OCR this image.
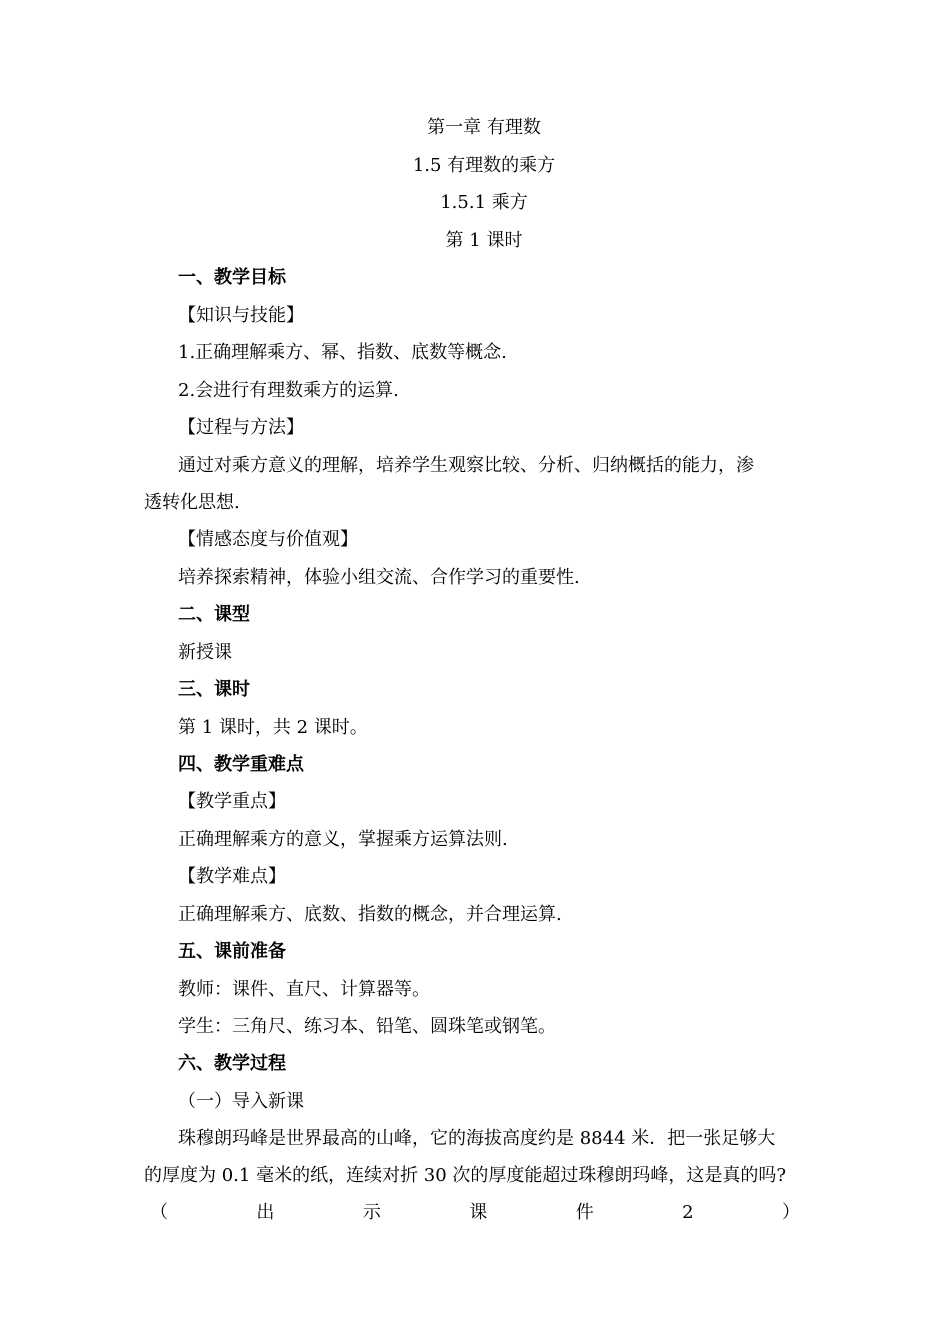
第一章 有理数
1.5 有理数的乘方
1.5.1 乘方
第 1 课时
一、教学目标
【知识与技能】
1.正确理解乘方、幂、指数、底数等概念.
2.会进行有理数乘方的运算.
【过程与方法】
通过对乘方意义的理解，培养学生观察比较、分析、归纳概括的能力，渗
透转化思想.
【情感态度与价值观】
培养探索精神，体验小组交流、合作学习的重要性.
二、课型
新授课
三、课时
第 1 课时，共 2 课时。
四、教学重难点
【教学重点】
正确理解乘方的意义，掌握乘方运算法则.
【教学难点】
正确理解乘方、底数、指数的概念，并合理运算.
五、课前准备
教师：课件、直尺、计算器等。
学生：三角尺、练习本、铅笔、圆珠笔或钢笔。
六、教学过程
（一）导入新课
珠穆朗玛峰是世界最高的山峰，它的海拔高度约是 8844 米．把一张足够大
的厚度为 0.1 毫米的纸，连续对折 30 次的厚度能超过珠穆朗玛峰，这是真的吗?
（	出	示	课	件	2	）
